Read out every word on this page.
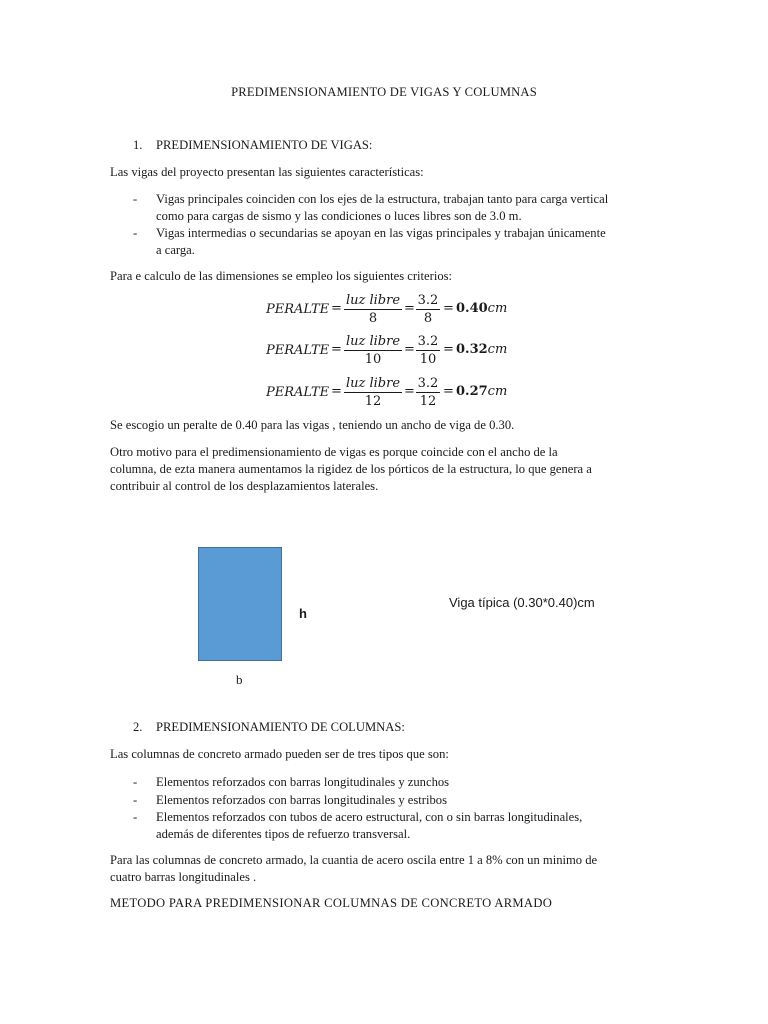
PREDIMENSIONAMIENTO DE VIGAS Y COLUMNAS
1. PREDIMENSIONAMIENTO DE VIGAS:
Las vigas del proyecto presentan las siguientes características:
- Vigas principales coinciden con los ejes de la estructura, trabajan tanto para carga vertical
como para cargas de sismo y las condiciones o luces libres son de 3.0 m.
- Vigas intermedias o secundarias se apoyan en las vigas principales y trabajan únicamente
a carga.
Para e calculo de las dimensiones se empleo los siguientes criterios:
PERALTE =
luz libre
8
=
3.2
8
= 0.40cm
PERALTE =
luz libre
10
=
3.2
10
= 0.32cm
PERALTE =
luz libre
12
=
3.2
12
= 0.27cm
Se escogio un peralte de 0.40 para las vigas , teniendo un ancho de viga de 0.30.
Otro motivo para el predimensionamiento de vigas es porque coincide con el ancho de la
columna, de ezta manera aumentamos la rigidez de los pórticos de la estructura, lo que genera a
contribuir al control de los desplazamientos laterales.
h
b
Viga típica (0.30*0.40)cm
2. PREDIMENSIONAMIENTO DE COLUMNAS:
Las columnas de concreto armado pueden ser de tres tipos que son:
- Elementos reforzados con barras longitudinales y zunchos
- Elementos reforzados con barras longitudinales y estribos
- Elementos reforzados con tubos de acero estructural, con o sin barras longitudinales,
además de diferentes tipos de refuerzo transversal.
Para las columnas de concreto armado, la cuantia de acero oscila entre 1 a 8% con un minimo de
cuatro barras longitudinales .
METODO PARA PREDIMENSIONAR COLUMNAS DE CONCRETO ARMADO
